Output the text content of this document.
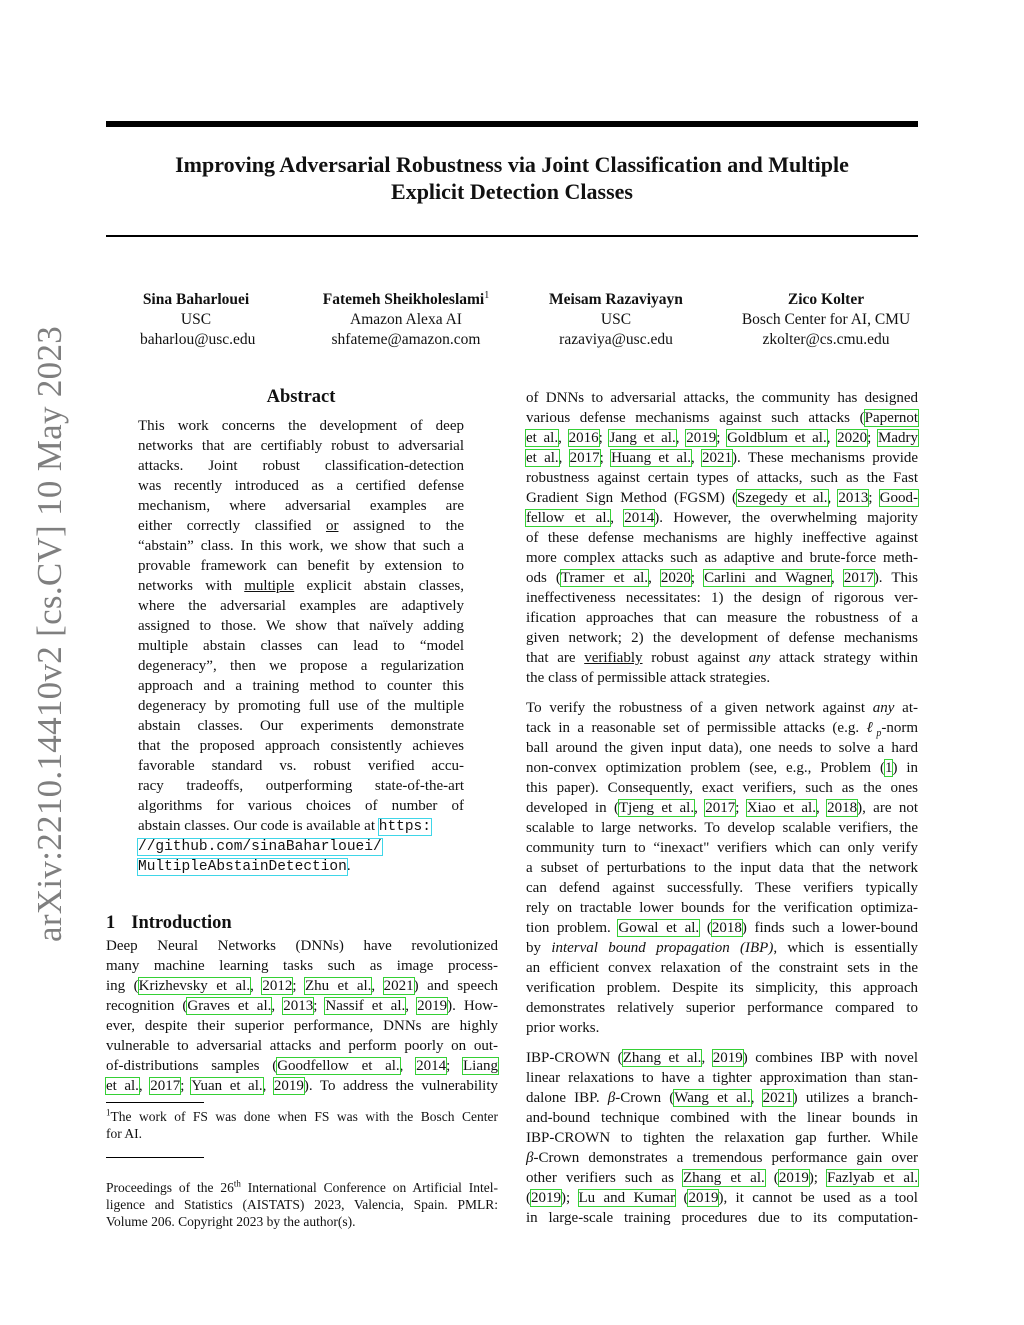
Improving Adversarial Robustness via Joint Classification and Multiple
Explicit Detection Classes
Sina Baharlouei
USC
baharlou@usc.edu
Fatemeh Sheikholeslami$^1$
Amazon Alexa AI
shfateme@amazon.com
Meisam Razaviyayn
USC
razaviya@usc.edu
Zico Kolter
Bosch Center for AI, CMU
zkolter@cs.cmu.edu
arXiv:2210.14410v2 [cs.CV] 10 May 2023	Abstract
This work concerns the development of deep
networks that are certifiably robust to adversarial
attacks. Joint robust classification-detection
was recently introduced as a certified defense
mechanism, where adversarial examples are
either correctly classified or assigned to the
“abstain” class. In this work, we show that such a
provable framework can benefit by extension to
networks with multiple explicit abstain classes,
where the adversarial examples are adaptively
assigned to those. We show that naïvely adding
multiple abstain classes can lead to “model
degeneracy”, then we propose a regularization
approach and a training method to counter this
degeneracy by promoting full use of the multiple
abstain classes. Our experiments demonstrate
that the proposed approach consistently achieves
favorable standard vs. robust verified accu-
racy tradeoffs, outperforming state-of-the-art
algorithms for various choices of number of
abstain classes. Our code is available at https:
//github.com/sinaBaharlouei/
MultipleAbstainDetection.
1 Introduction
Deep Neural Networks (DNNs) have revolutionized
many machine learning tasks such as image process-
ing (Krizhevsky et al., 2012; Zhu et al., 2021) and speech
recognition (Graves et al., 2013; Nassif et al., 2019). How-
ever, despite their superior performance, DNNs are highly
vulnerable to adversarial attacks and perform poorly on out-
of-distributions samples (Goodfellow et al., 2014; Liang
et al., 2017; Yuan et al., 2019). To address the vulnerability
$^1$The work of FS was done when FS was with the Bosch Center
for AI.
Proceedings of the 26th International Conference on Artificial Intel-
ligence and Statistics (AISTATS) 2023, Valencia, Spain. PMLR:
Volume 206. Copyright 2023 by the author(s).
of DNNs to adversarial attacks, the community has designed
various defense mechanisms against such attacks (Papernot
et al., 2016; Jang et al., 2019; Goldblum et al., 2020; Madry
et al., 2017; Huang et al., 2021). These mechanisms provide
robustness against certain types of attacks, such as the Fast
Gradient Sign Method (FGSM) (Szegedy et al., 2013; Good-
fellow et al., 2014). However, the overwhelming majority
of these defense mechanisms are highly ineffective against
more complex attacks such as adaptive and brute-force meth-
ods (Tramer et al., 2020; Carlini and Wagner, 2017). This
ineffectiveness necessitates: 1) the design of rigorous ver-
ification approaches that can measure the robustness of a
given network; 2) the development of defense mechanisms
that are verifiably robust against any attack strategy within
the class of permissible attack strategies.
To verify the robustness of a given network against any at-
tack in a reasonable set of permissible attacks (e.g. ℓ$_p$-norm
ball around the given input data), one needs to solve a hard
non-convex optimization problem (see, e.g., Problem (1) in
this paper). Consequently, exact verifiers, such as the ones
developed in (Tjeng et al., 2017; Xiao et al., 2018), are not
scalable to large networks. To develop scalable verifiers, the
community turn to “inexact" verifiers which can only verify
a subset of perturbations to the input data that the network
can defend against successfully. These verifiers typically
rely on tractable lower bounds for the verification optimiza-
tion problem. Gowal et al. (2018) finds such a lower-bound
by interval bound propagation (IBP), which is essentially
an efficient convex relaxation of the constraint sets in the
verification problem. Despite its simplicity, this approach
demonstrates relatively superior performance compared to
prior works.
IBP-CROWN (Zhang et al., 2019) combines IBP with novel
linear relaxations to have a tighter approximation than stan-
dalone IBP. β-Crown (Wang et al., 2021) utilizes a branch-
and-bound technique combined with the linear bounds in
IBP-CROWN to tighten the relaxation gap further. While
β-Crown demonstrates a tremendous performance gain over
other verifiers such as Zhang et al. (2019); Fazlyab et al.
(2019); Lu and Kumar (2019), it cannot be used as a tool
in large-scale training procedures due to its computation-
